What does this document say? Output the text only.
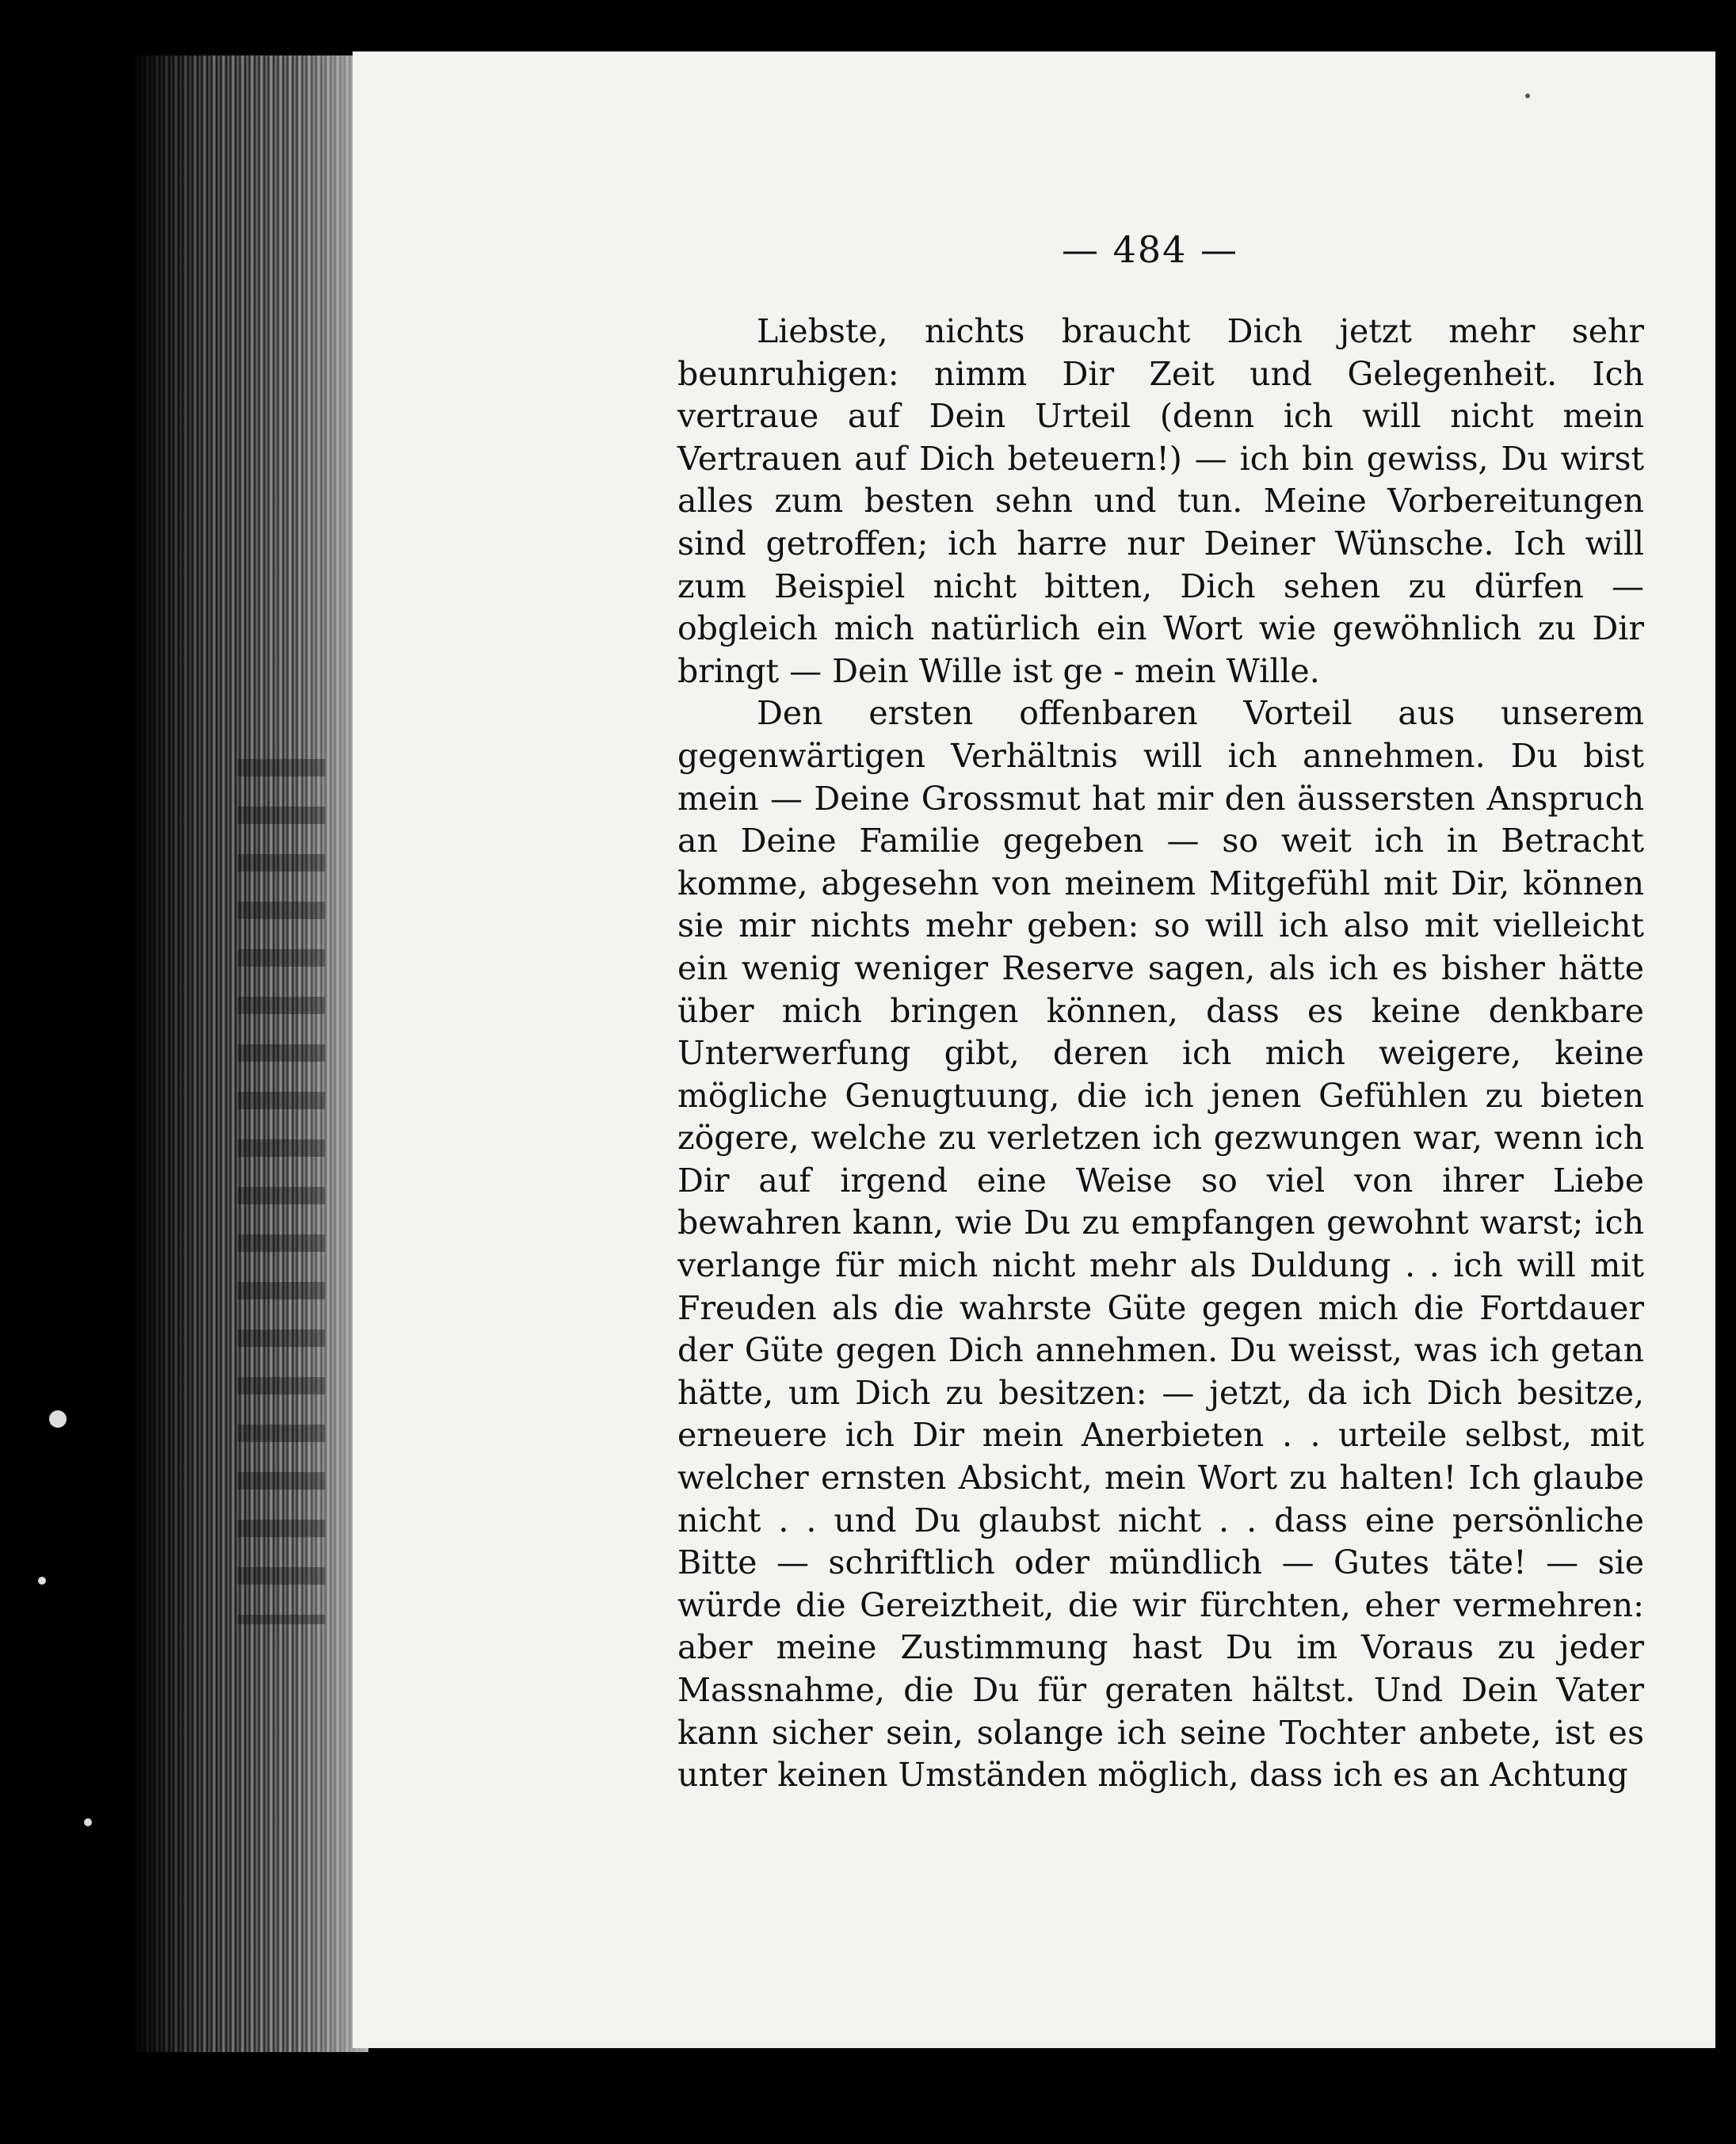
— 484 —

Liebste, nichts braucht Dich jetzt mehr sehr beunruhigen: nimm Dir Zeit und Gelegenheit. Ich vertraue auf Dein Urteil (denn ich will nicht mein Vertrauen auf Dich beteuern!) — ich bin gewiss, Du wirst alles zum besten sehn und tun. Meine Vorbereitungen sind getroffen; ich harre nur Deiner Wünsche. Ich will zum Beispiel nicht bitten, Dich sehen zu dürfen — obgleich mich natürlich ein Wort wie gewöhnlich zu Dir bringt — Dein Wille ist ge - mein Wille.

Den ersten offenbaren Vorteil aus unserem gegenwärtigen Verhältnis will ich annehmen. Du bist mein — Deine Grossmut hat mir den äussersten Anspruch an Deine Familie gegeben — so weit ich in Betracht komme, abgesehn von meinem Mitgefühl mit Dir, können sie mir nichts mehr geben: so will ich also mit vielleicht ein wenig weniger Reserve sagen, als ich es bisher hätte über mich bringen können, dass es keine denkbare Unterwerfung gibt, deren ich mich weigere, keine mögliche Genugtuung, die ich jenen Gefühlen zu bieten zögere, welche zu verletzen ich gezwungen war, wenn ich Dir auf irgend eine Weise so viel von ihrer Liebe bewahren kann, wie Du zu empfangen gewohnt warst; ich verlange für mich nicht mehr als Duldung . . ich will mit Freuden als die wahrste Güte gegen mich die Fortdauer der Güte gegen Dich annehmen. Du weisst, was ich getan hätte, um Dich zu besitzen: — jetzt, da ich Dich besitze, erneuere ich Dir mein Anerbieten . . urteile selbst, mit welcher ernsten Absicht, mein Wort zu halten! Ich glaube nicht . . und Du glaubst nicht . . dass eine persönliche Bitte — schriftlich oder mündlich — Gutes täte! — sie würde die Gereiztheit, die wir fürchten, eher vermehren: aber meine Zustimmung hast Du im Voraus zu jeder Massnahme, die Du für geraten hältst. Und Dein Vater kann sicher sein, solange ich seine Tochter anbete, ist es unter keinen Umständen möglich, dass ich es an Achtung
